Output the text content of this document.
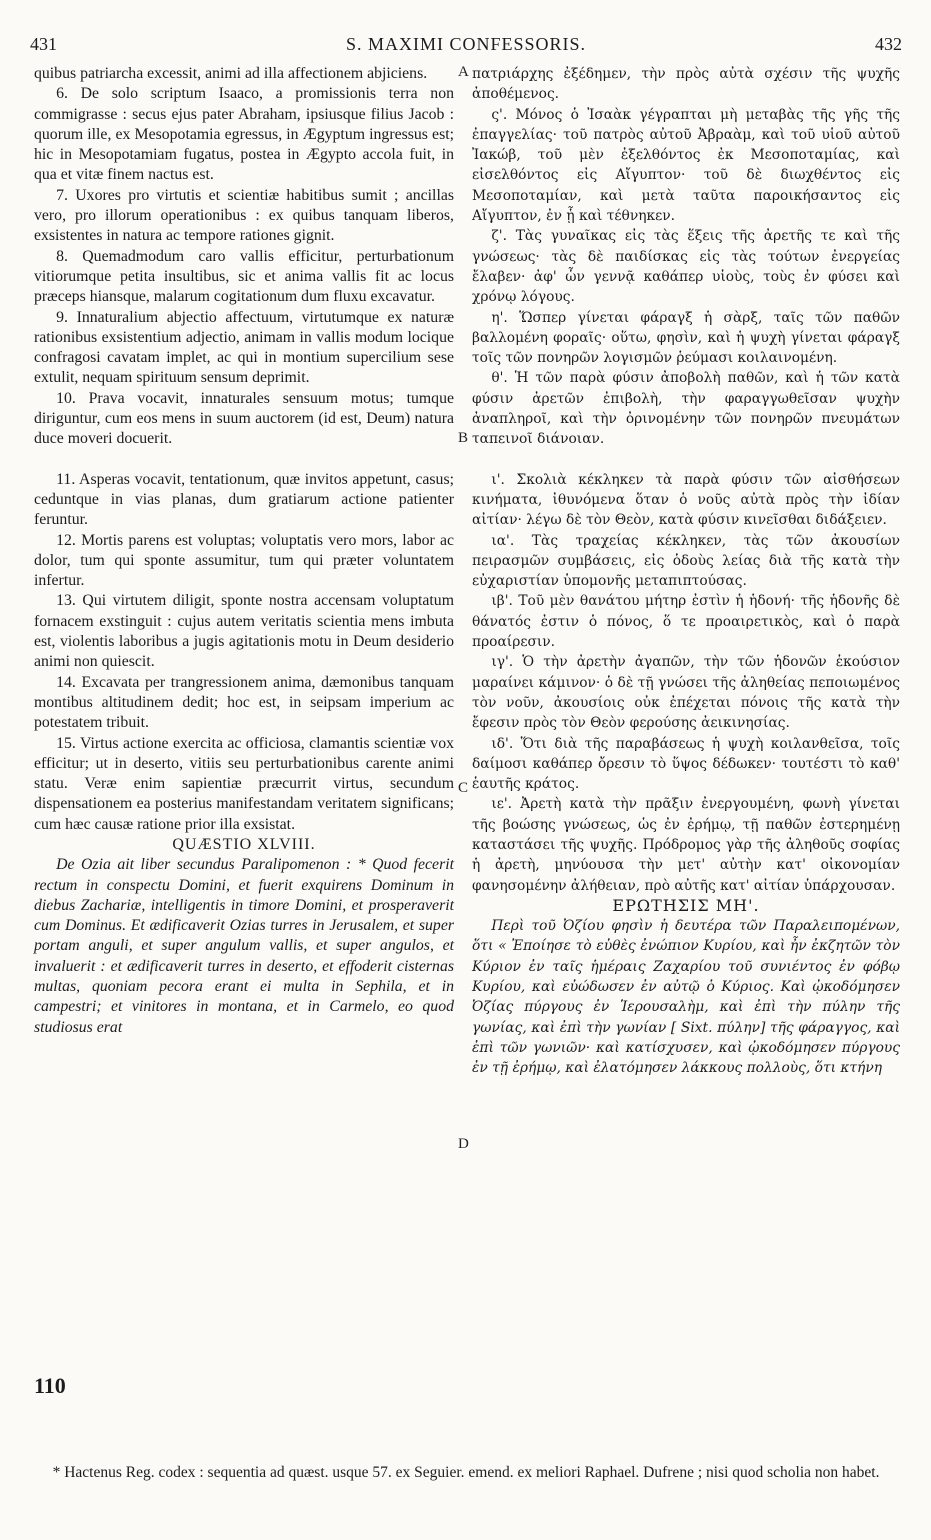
431	S. MAXIMI CONFESSORIS.	432
A
B
C
D

quibus patriarcha excessit, animi ad illa affectionem abjiciens.

6. De solo scriptum Isaaco, a promissionis terra non commigrasse : secus ejus pater Abraham, ipsiusque filius Jacob : quorum ille, ex Mesopotamia egressus, in Ægyptum ingressus est; hic in Mesopotamiam fugatus, postea in Ægypto accola fuit, in qua et vitæ finem nactus est.

7. Uxores pro virtutis et scientiæ habitibus sumit ; ancillas vero, pro illorum operationibus : ex quibus tanquam liberos, exsistentes in natura ac tempore rationes gignit.

8. Quemadmodum caro vallis efficitur, perturbationum vitiorumque petita insultibus, sic et anima vallis fit ac locus præceps hiansque, malarum cogitationum dum fluxu excavatur.

9. Innaturalium abjectio affectuum, virtutumque ex naturæ rationibus exsistentium adjectio, animam in vallis modum locique confragosi cavatam implet, ac qui in montium supercilium sese extulit, nequam spirituum sensum deprimit.

10. Prava vocavit, innaturales sensuum motus; tumque diriguntur, cum eos mens in suum auctorem (id est, Deum) natura duce moveri docuerit.

11. Asperas vocavit, tentationum, quæ invitos appetunt, casus; ceduntque in vias planas, dum gratiarum actione patienter feruntur.

12. Mortis parens est voluptas; voluptatis vero mors, labor ac dolor, tum qui sponte assumitur, tum qui præter voluntatem infertur.

13. Qui virtutem diligit, sponte nostra accensam voluptatum fornacem exstinguit : cujus autem veritatis scientia mens imbuta est, violentis laboribus a jugis agitationis motu in Deum desiderio animi non quiescit.

14. Excavata per trangressionem anima, dæmonibus tanquam montibus altitudinem dedit; hoc est, in seipsam imperium ac potestatem tribuit.

15. Virtus actione exercita ac officiosa, clamantis scientiæ vox efficitur; ut in deserto, vitiis seu perturbationibus carente animi statu. Veræ enim sapientiæ præcurrit virtus, secundum dispensationem ea posterius manifestandam veritatem significans; cum hæc causæ ratione prior illa exsistat.

QUÆSTIO XLVIII.

De Ozia ait liber secundus Paralipomenon : * Quod fecerit rectum in conspectu Domini, et fuerit exquirens Dominum in diebus Zachariæ, intelligentis in timore Domini, et prosperaverit cum Dominus. Et ædificaverit Ozias turres in Jerusalem, et super portam anguli, et super angulum vallis, et super angulos, et invaluerit : et ædificaverit turres in deserto, et effoderit cisternas multas, quoniam pecora erant ei multa in Sephila, et in campestri; et vinitores in montana, et in Carmelo, eo quod studiosus erat

110

πατριάρχης ἐξέδημεν, τὴν πρὸς αὐτὰ σχέσιν τῆς ψυχῆς ἀποθέμενος.

ς'. Μόνος ὁ Ἰσαὰκ γέγραπται μὴ μεταβὰς τῆς γῆς τῆς ἐπαγγελίας· τοῦ πατρὸς αὐτοῦ Ἀβραὰμ, καὶ τοῦ υἱοῦ αὐτοῦ Ἰακώβ, τοῦ μὲν ἐξελθόντος ἐκ Μεσοποταμίας, καὶ εἰσελθόντος εἰς Αἴγυπτον· τοῦ δὲ διωχθέντος εἰς Μεσοποταμίαν, καὶ μετὰ ταῦτα παροικήσαντος εἰς Αἴγυπτον, ἐν ᾗ καὶ τέθνηκεν.

ζ'. Τὰς γυναῖκας εἰς τὰς ἕξεις τῆς ἀρετῆς τε καὶ τῆς γνώσεως· τὰς δὲ παιδίσκας εἰς τὰς τούτων ἐνεργείας ἔλαβεν· ἀφ' ὧν γεννᾷ καθάπερ υἱοὺς, τοὺς ἐν φύσει καὶ χρόνῳ λόγους.

η'. Ὥσπερ γίνεται φάραγξ ἡ σὰρξ, ταῖς τῶν παθῶν βαλλομένη φοραῖς· οὕτω, φησὶν, καὶ ἡ ψυχὴ γίνεται φάραγξ τοῖς τῶν πονηρῶν λογισμῶν ῥεύμασι κοιλαινομένη.

θ'. Ἡ τῶν παρὰ φύσιν ἀποβολὴ παθῶν, καὶ ἡ τῶν κατὰ φύσιν ἀρετῶν ἐπιβολὴ, τὴν φαραγγωθεῖσαν ψυχὴν ἀναπληροῖ, καὶ τὴν ὀρινομένην τῶν πονηρῶν πνευμάτων ταπεινοῖ διάνοιαν.

ι'. Σκολιὰ κέκληκεν τὰ παρὰ φύσιν τῶν αἰσθήσεων κινήματα, ἰθυνόμενα ὅταν ὁ νοῦς αὐτὰ πρὸς τὴν ἰδίαν αἰτίαν· λέγω δὲ τὸν Θεὸν, κατὰ φύσιν κινεῖσθαι διδάξειεν.

ια'. Τὰς τραχείας κέκληκεν, τὰς τῶν ἀκουσίων πειρασμῶν συμβάσεις, εἰς ὁδοὺς λείας διὰ τῆς κατὰ τὴν εὐχαριστίαν ὑπομονῆς μεταπιπτούσας.

ιβ'. Τοῦ μὲν θανάτου μήτηρ ἐστὶν ἡ ἡδονή· τῆς ἡδονῆς δὲ θάνατός ἐστιν ὁ πόνος, ὅ τε προαιρετικὸς, καὶ ὁ παρὰ προαίρεσιν.

ιγ'. Ὁ τὴν ἀρετὴν ἀγαπῶν, τὴν τῶν ἡδονῶν ἑκούσιον μαραίνει κάμινον· ὁ δὲ τῇ γνώσει τῆς ἀληθείας πεποιωμένος τὸν νοῦν, ἀκουσίοις οὐκ ἐπέχεται πόνοις τῆς κατὰ τὴν ἔφεσιν πρὸς τὸν Θεὸν φερούσης ἀεικινησίας.

ιδ'. Ὅτι διὰ τῆς παραβάσεως ἡ ψυχὴ κοιλανθεῖσα, τοῖς δαίμοσι καθάπερ ὄρεσιν τὸ ὕψος δέδωκεν· τουτέστι τὸ καθ' ἑαυτῆς κράτος.

ιε'. Ἀρετὴ κατὰ τὴν πρᾶξιν ἐνεργουμένη, φωνὴ γίνεται τῆς βοώσης γνώσεως, ὡς ἐν ἐρήμῳ, τῇ παθῶν ἐστερημένῃ καταστάσει τῆς ψυχῆς. Πρόδρομος γὰρ τῆς ἀληθοῦς σοφίας ἡ ἀρετὴ, μηνύουσα τὴν μετ' αὐτὴν κατ' οἰκονομίαν φανησομένην ἀλήθειαν, πρὸ αὐτῆς κατ' αἰτίαν ὑπάρχουσαν.

ΕΡΩΤΗΣΙΣ ΜΗ'.

Περὶ τοῦ Ὀζίου φησὶν ἡ δευτέρα τῶν Παραλειπομένων, ὅτι « Ἐποίησε τὸ εὐθὲς ἐνώπιον Κυρίου, καὶ ἦν ἐκζητῶν τὸν Κύριον ἐν ταῖς ἡμέραις Ζαχαρίου τοῦ συνιέντος ἐν φόβῳ Κυρίου, καὶ εὐώδωσεν ἐν αὐτῷ ὁ Κύριος. Καὶ ᾠκοδόμησεν Ὀζίας πύργους ἐν Ἱερουσαλὴμ, καὶ ἐπὶ τὴν πύλην τῆς γωνίας, καὶ ἐπὶ τὴν γωνίαν [ Sixt. πύλην] τῆς φάραγγος, καὶ ἐπὶ τῶν γωνιῶν· καὶ κατίσχυσεν, καὶ ᾠκοδόμησεν πύργους ἐν τῇ ἐρήμῳ, καὶ ἐλατόμησεν λάκκους πολλοὺς, ὅτι κτήνη

* Hactenus Reg. codex : sequentia ad quæst. usque 57. ex Seguier. emend. ex meliori Raphael. Dufrene ; nisi quod scholia non habet.
